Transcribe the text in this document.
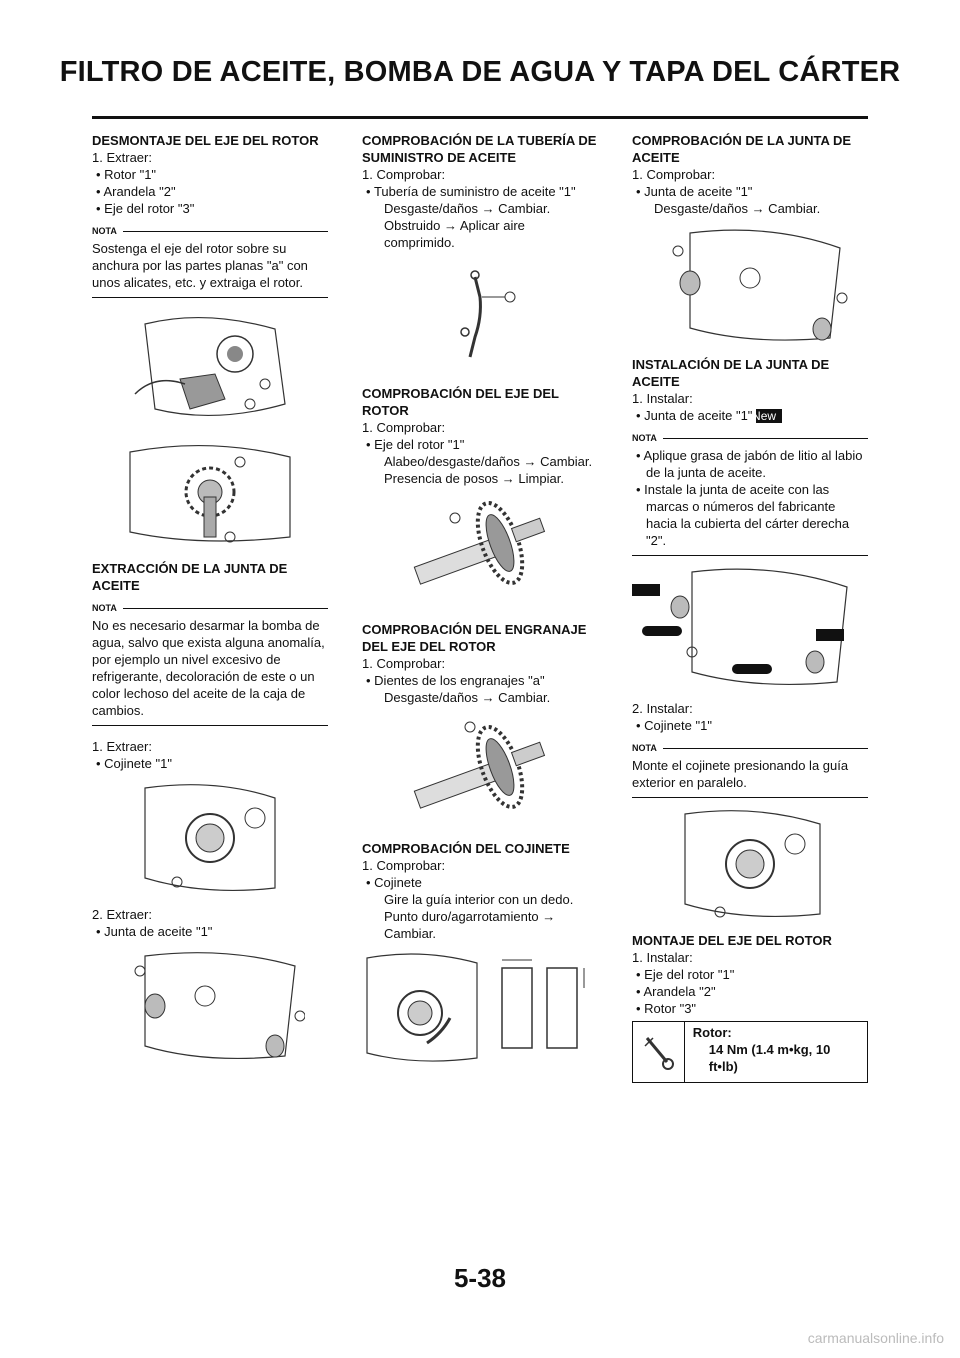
FILTRO DE ACEITE, BOMBA DE AGUA Y TAPA DEL CÁRTER

DESMONTAJE DEL EJE DEL ROTOR

1. Extraer:

• Rotor "1"

• Arandela "2"

• Eje del rotor "3"

NOTA

Sostenga el eje del rotor sobre su anchura por las partes planas "a" con unos alicates, etc. y extraiga el rotor.

EXTRACCIÓN DE LA JUNTA DE ACEITE

NOTA

No es necesario desarmar la bomba de agua, salvo que exista alguna anomalía, por ejemplo un nivel excesivo de refrigerante, decoloración de este o un color lechoso del aceite de la caja de cambios.

1. Extraer:

• Cojinete "1"

2. Extraer:

• Junta de aceite "1"

COMPROBACIÓN DE LA TUBERÍA DE SUMINISTRO DE ACEITE

1. Comprobar:

• Tubería de suministro de aceite "1"

Desgaste/daños → Cambiar.

Obstruido → Aplicar aire comprimido.

COMPROBACIÓN DEL EJE DEL ROTOR

1. Comprobar:

• Eje del rotor "1"

Alabeo/desgaste/daños → Cambiar.

Presencia de posos → Limpiar.

COMPROBACIÓN DEL ENGRANAJE DEL EJE DEL ROTOR

1. Comprobar:

• Dientes de los engranajes "a"

Desgaste/daños → Cambiar.

COMPROBACIÓN DEL COJINETE

1. Comprobar:

• Cojinete

Gire la guía interior con un dedo.

Punto duro/agarrotamiento → Cambiar.

COMPROBACIÓN DE LA JUNTA DE ACEITE

1. Comprobar:

• Junta de aceite "1"

Desgaste/daños → Cambiar.

INSTALACIÓN DE LA JUNTA DE ACEITE

1. Instalar:

• Junta de aceite "1" New

NOTA

• Aplique grasa de jabón de litio al labio de la junta de aceite.

• Instale la junta de aceite con las marcas o números del fabricante hacia la cubierta del cárter derecha "2".

2. Instalar:

• Cojinete "1"

NOTA

Monte el cojinete presionando la guía exterior en paralelo.

MONTAJE DEL EJE DEL ROTOR

1. Instalar:

• Eje del rotor "1"

• Arandela "2"

• Rotor "3"

Rotor:
14 Nm (1.4 m•kg, 10 ft•lb)
5-38
carmanualsonline.info
